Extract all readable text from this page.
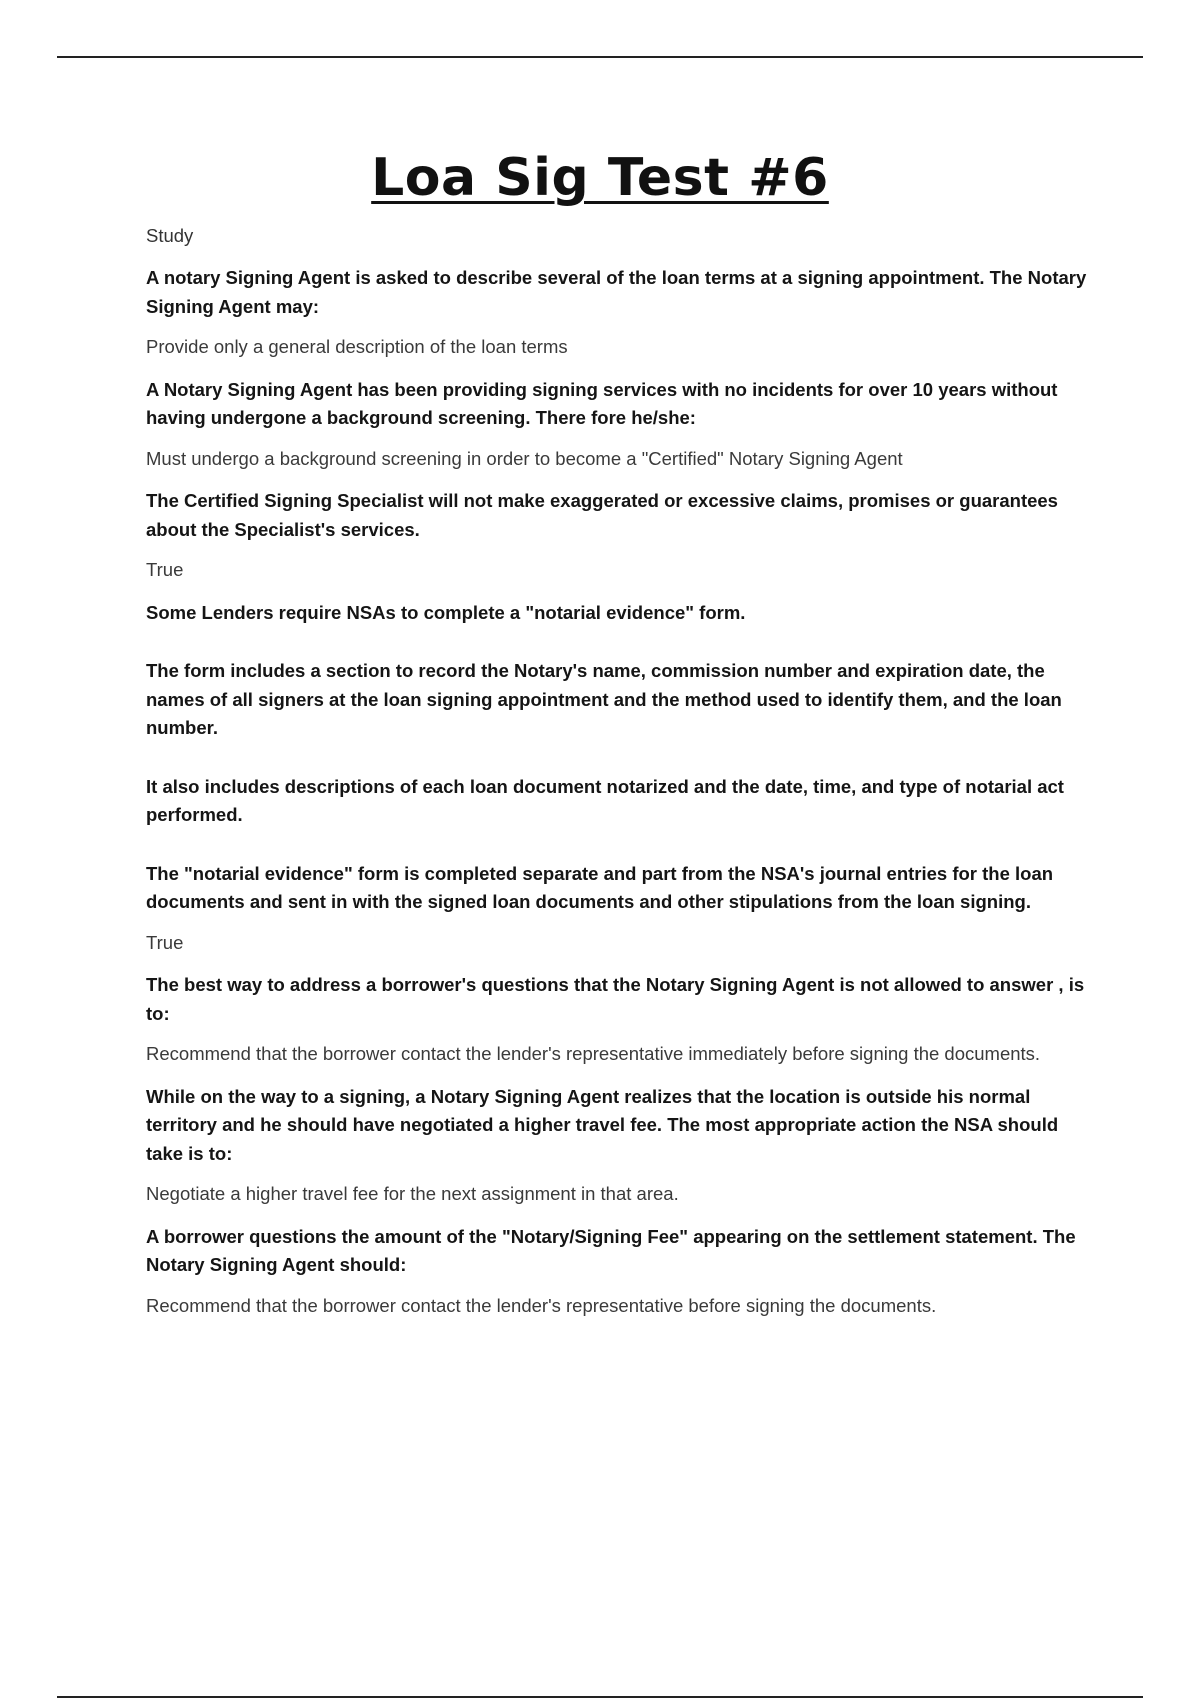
Loa Sig Test #6
Study

A notary Signing Agent is asked to describe several of the loan terms at a signing appointment. The Notary Signing Agent may:

Provide only a general description of the loan terms

A Notary Signing Agent has been providing signing services with no incidents for over 10 years without having undergone a background screening. There fore he/she:

Must undergo a background screening in order to become a "Certified" Notary Signing Agent

The Certified Signing Specialist will not make exaggerated or excessive claims, promises or guarantees about the Specialist's services.

True

Some Lenders require NSAs to complete a "notarial evidence" form.

The form includes a section to record the Notary's name, commission number and expiration date, the names of all signers at the loan signing appointment and the method used to identify them, and the loan number.

It also includes descriptions of each loan document notarized and the date, time, and type of notarial act performed.

The "notarial evidence" form is completed separate and part from the NSA's journal entries for the loan documents and sent in with the signed loan documents and other stipulations from the loan signing.

True

The best way to address a borrower's questions that the Notary Signing Agent is not allowed to answer , is to:

Recommend that the borrower contact the lender's representative immediately before signing the documents.

While on the way to a signing, a Notary Signing Agent realizes that the location is outside his normal territory and he should have negotiated a higher travel fee. The most appropriate action the NSA should take is to:

Negotiate a higher travel fee for the next assignment in that area.

A borrower questions the amount of the "Notary/Signing Fee" appearing on the settlement statement. The Notary Signing Agent should:

Recommend that the borrower contact the lender's representative before signing the documents.
